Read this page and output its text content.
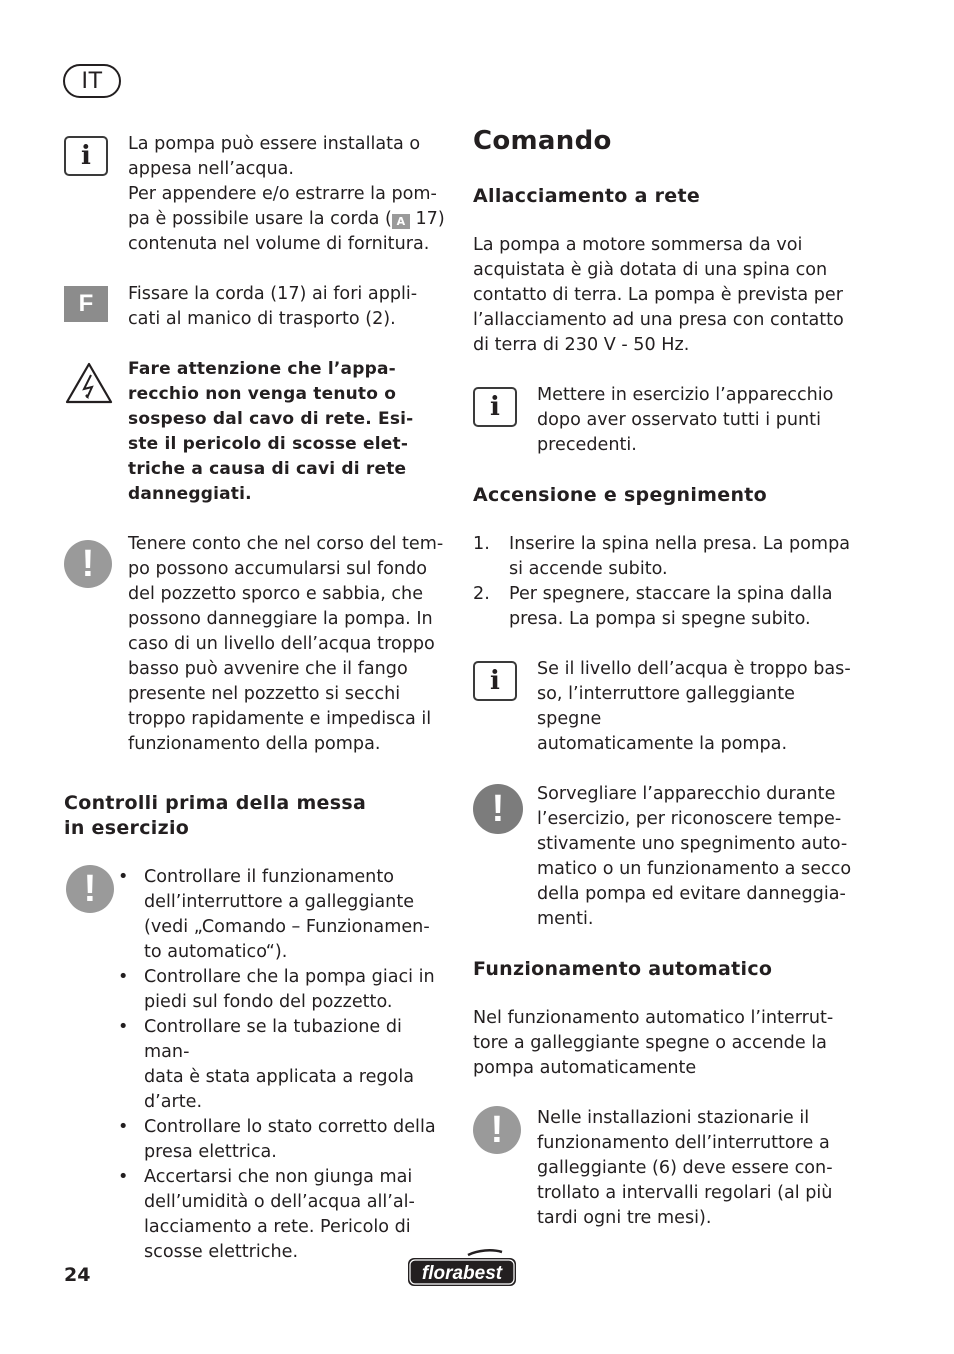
IT
i	La pompa può essere installata o
appesa nell’acqua.
Per appendere e/o estrarre la pom-
pa è possibile usare la corda ( A 17)
contenuta nel volume di fornitura.
F	Fissare la corda (17) ai fori appli-
cati al manico di trasporto (2).
Fare attenzione che l’appa-
recchio non venga tenuto o
sospeso dal cavo di rete. Esi-
ste il pericolo di scosse elet-
triche a causa di cavi di rete
danneggiati.
!	Tenere conto che nel corso del tem-
po possono accumularsi sul fondo
del pozzetto sporco e sabbia, che
possono danneggiare la pompa. In
caso di un livello dell’acqua troppo
basso può avvenire che il fango
presente nel pozzetto si secchi
troppo rapidamente e impedisca il
funzionamento della pompa.
Controlli prima della messa
in esercizio
!
•	Controllare il funzionamento
dell’interruttore a galleggiante
(vedi „Comando – Funzionamen-
to automatico“).
• Controllare che la pompa giaci in
piedi sul fondo del pozzetto.
• Controllare se la tubazione di man-
data è stata applicata a regola
d’arte.
• Controllare lo stato corretto della
presa elettrica.
• Accertarsi che non giunga mai
dell’umidità o dell’acqua all’al-
lacciamento a rete. Pericolo di
scosse elettriche.
Comando
Allacciamento a rete
La pompa a motore sommersa da voi
acquistata è già dotata di una spina con
contatto di terra. La pompa è prevista per
l’allacciamento ad una presa con contatto
di terra di 230 V - 50 Hz.
i	Mettere in esercizio l’apparecchio
dopo aver osservato tutti i punti
precedenti.
Accensione e spegnimento
1. Inserire la spina nella presa. La pompa
si accende subito.
2. Per spegnere, staccare la spina dalla
presa. La pompa si spegne subito.
i	Se il livello dell’acqua è troppo bas-
so, l’interruttore galleggiante spegne
automaticamente la pompa.
!	Sorvegliare l’apparecchio durante
l’esercizio, per riconoscere tempe-
stivamente uno spegnimento auto-
matico o un funzionamento a secco
della pompa ed evitare danneggia-
menti.
Funzionamento automatico
Nel funzionamento automatico l’interrut-
tore a galleggiante spegne o accende la
pompa automaticamente
!	Nelle installazioni stazionarie il
funzionamento dell’interruttore a
galleggiante (6) deve essere con-
trollato a intervalli regolari (al più
tardi ogni tre mesi).
24	florabest
